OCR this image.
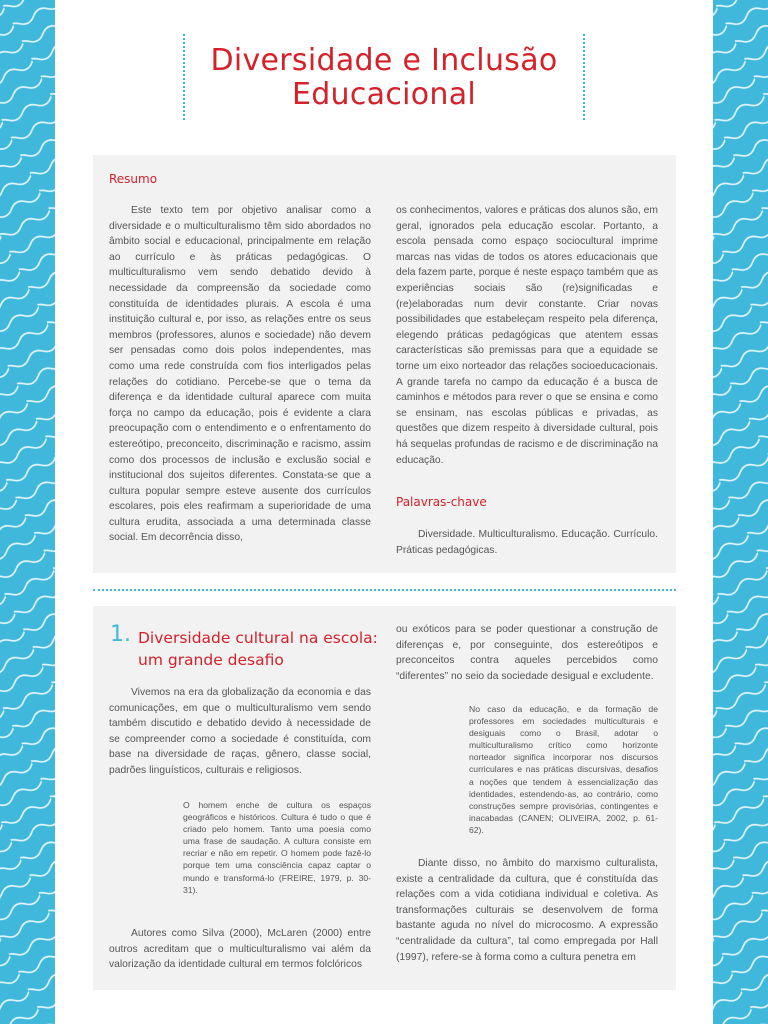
Diversidade e Inclusão
Educacional
Resumo

Este texto tem por objetivo analisar como a diversidade e o multiculturalismo têm sido abordados no âmbito social e educacional, principalmente em relação ao currículo e às práticas pedagógicas. O multiculturalismo vem sendo debatido devido à necessidade da compreensão da sociedade como constituída de identidades plurais. A escola é uma instituição cultural e, por isso, as relações entre os seus membros (professores, alunos e sociedade) não devem ser pensadas como dois polos independentes, mas como uma rede construída com fios interligados pelas relações do cotidiano. Percebe-se que o tema da diferença e da identidade cultural aparece com muita força no campo da educação, pois é evidente a clara preocupação com o entendimento e o enfrentamento do estereótipo, preconceito, discriminação e racismo, assim como dos processos de inclusão e exclusão social e institucional dos sujeitos diferentes. Constata-se que a cultura popular sempre esteve ausente dos currículos escolares, pois eles reafirmam a superioridade de uma cultura erudita, associada a uma determinada classe social. Em decorrência disso,

os conhecimentos, valores e práticas dos alunos são, em geral, ignorados pela educação escolar. Portanto, a escola pensada como espaço sociocultural imprime marcas nas vidas de todos os atores educacionais que dela fazem parte, porque é neste espaço também que as experiências sociais são (re)significadas e (re)elaboradas num devir constante. Criar novas possibilidades que estabeleçam respeito pela diferença, elegendo práticas pedagógicas que atentem essas características são premissas para que a equidade se torne um eixo norteador das relações socioeducacionais. A grande tarefa no campo da educação é a busca de caminhos e métodos para rever o que se ensina e como se ensinam, nas escolas públicas e privadas, as questões que dizem respeito à diversidade cultural, pois há sequelas profundas de racismo e de discriminação na educação.

Palavras-chave

Diversidade. Multiculturalismo. Educação. Currículo. Práticas pedagógicas.

1. Diversidade cultural na escola: um grande desafio

Vivemos na era da globalização da economia e das comunicações, em que o multiculturalismo vem sendo também discutido e debatido devido à necessidade de se compreender como a sociedade é constituída, com base na diversidade de raças, gênero, classe social, padrões linguísticos, culturais e religiosos.

O homem enche de cultura os espaços geográficos e históricos. Cultura é tudo o que é criado pelo homem. Tanto uma poesia como uma frase de saudação. A cultura consiste em recriar e não em repetir. O homem pode fazê-lo porque tem uma consciência capaz captar o mundo e transformá-lo (FREIRE, 1979, p. 30-31).

Autores como Silva (2000), McLaren (2000) entre outros acreditam que o multiculturalismo vai além da valorização da identidade cultural em termos folclóricos

ou exóticos para se poder questionar a construção de diferenças e, por conseguinte, dos estereótipos e preconceitos contra aqueles percebidos como “diferentes” no seio da sociedade desigual e excludente.

No caso da educação, e da formação de professores em sociedades multiculturais e desiguais como o Brasil, adotar o multiculturalismo crítico como horizonte norteador significa incorporar nos discursos curriculares e nas práticas discursivas, desafios a noções que tendem à essencialização das identidades, estendendo-as, ao contrário, como construções sempre provisórias, contingentes e inacabadas (CANEN; OLIVEIRA, 2002, p. 61-62).

Diante disso, no âmbito do marxismo culturalista, existe a centralidade da cultura, que é constituída das relações com a vida cotidiana individual e coletiva. As transformações culturais se desenvolvem de forma bastante aguda no nível do microcosmo. A expressão “centralidade da cultura”, tal como empregada por Hall (1997), refere-se à forma como a cultura penetra em
